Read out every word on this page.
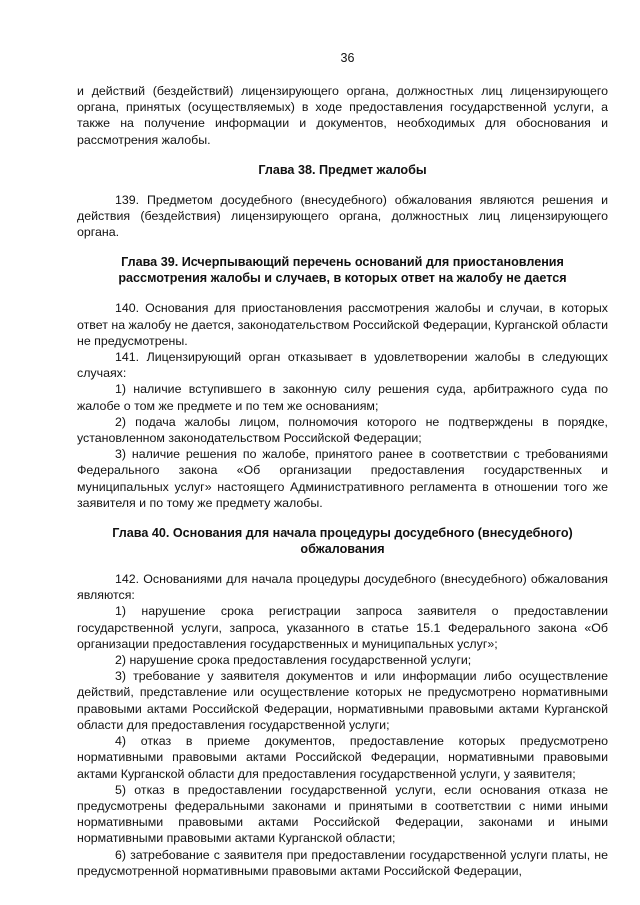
36

и действий (бездействий) лицензирующего органа, должностных лиц лицензирующего органа, принятых (осуществляемых) в ходе предоставления государственной услуги, а также на получение информации и документов, необходимых для обоснования и рассмотрения жалобы.

Глава 38. Предмет жалобы

139. Предметом досудебного (внесудебного) обжалования являются решения и действия (бездействия) лицензирующего органа, должностных лиц лицензирующего органа.

Глава 39. Исчерпывающий перечень оснований для приостановления
рассмотрения жалобы и случаев, в которых ответ на жалобу не дается

140. Основания для приостановления рассмотрения жалобы и случаи, в которых ответ на жалобу не дается, законодательством Российской Федерации, Курганской области не предусмотрены.

141. Лицензирующий орган отказывает в удовлетворении жалобы в следующих случаях:

1) наличие вступившего в законную силу решения суда, арбитражного суда по жалобе о том же предмете и по тем же основаниям;

2) подача жалобы лицом, полномочия которого не подтверждены в порядке, установленном законодательством Российской Федерации;

3) наличие решения по жалобе, принятого ранее в соответствии с требованиями Федерального закона «Об организации предоставления государственных и муниципальных услуг» настоящего Административного регламента в отношении того же заявителя и по тому же предмету жалобы.

Глава 40. Основания для начала процедуры досудебного (внесудебного)
обжалования

142. Основаниями для начала процедуры досудебного (внесудебного) обжалования являются:

1) нарушение срока регистрации запроса заявителя о предоставлении государственной услуги, запроса, указанного в статье 15.1 Федерального закона «Об организации предоставления государственных и муниципальных услуг»;

2) нарушение срока предоставления государственной услуги;

3) требование у заявителя документов и или информации либо осуществление действий, представление или осуществление которых не предусмотрено нормативными правовыми актами Российской Федерации, нормативными правовыми актами Курганской области для предоставления государственной услуги;

4) отказ в приеме документов, предоставление которых предусмотрено нормативными правовыми актами Российской Федерации, нормативными правовыми актами Курганской области для предоставления государственной услуги, у заявителя;

5) отказ в предоставлении государственной услуги, если основания отказа не предусмотрены федеральными законами и принятыми в соответствии с ними иными нормативными правовыми актами Российской Федерации, законами и иными нормативными правовыми актами Курганской области;

6) затребование с заявителя при предоставлении государственной услуги платы, не предусмотренной нормативными правовыми актами Российской Федерации,
